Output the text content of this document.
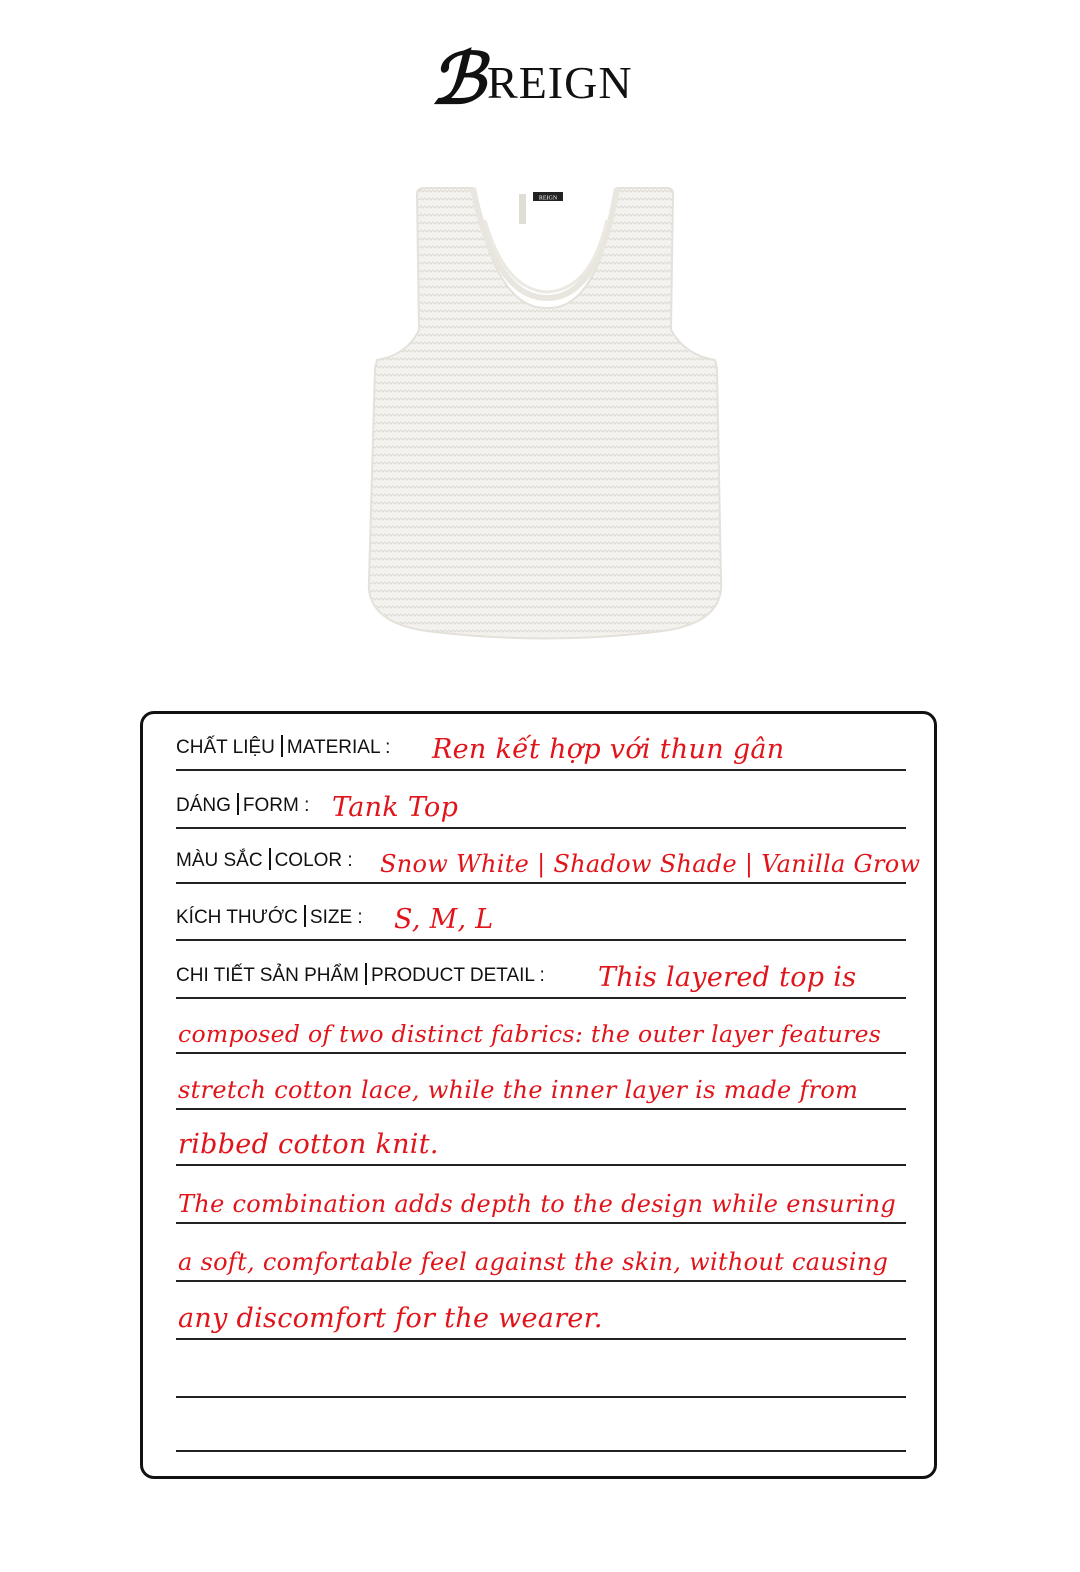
ℬ REIGN
REIGN
CHẤT LIỆU MATERIAL : Ren kết hợp với thun gân
DÁNG FORM : Tank Top
MÀU SẮC COLOR : Snow White | Shadow Shade | Vanilla Grow
KÍCH THƯỚC SIZE : S, M, L
CHI TIẾT SẢN PHẨM PRODUCT DETAIL : This layered top is
composed of two distinct fabrics: the outer layer features
stretch cotton lace, while the inner layer is made from
ribbed cotton knit.
The combination adds depth to the design while ensuring
a soft, comfortable feel against the skin, without causing
any discomfort for the wearer.
